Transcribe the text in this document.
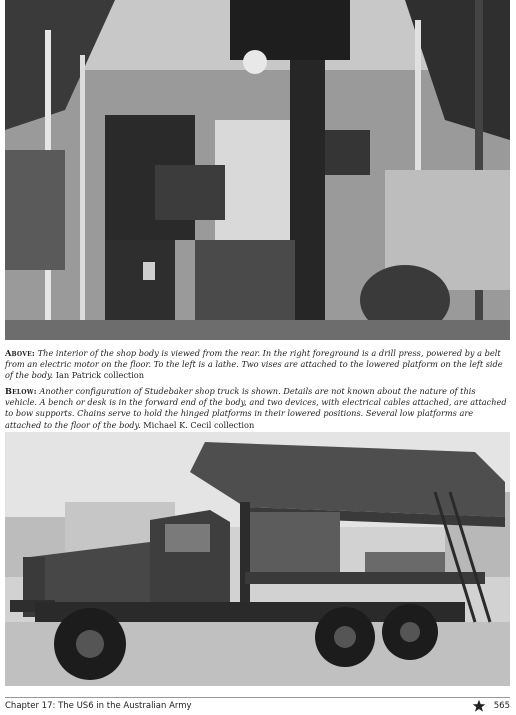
Above: The interior of the shop body is viewed from the rear. In the right foreground is a drill press, powered by a belt from an electric motor on the floor. To the left is a lathe. Two vises are attached to the lowered platform on the left side of the body. Ian Patrick collection
Below: Another configuration of Studebaker shop truck is shown. Details are not known about the nature of this vehicle. A bench or desk is in the forward end of the body, and two devices, with electrical cables attached, are attached to bow supports. Chains serve to hold the hinged platforms in their lowered positions. Several low platforms are attached to the floor of the body. Michael K. Cecil collection
Chapter 17: The US6 in the Australian Army	565
